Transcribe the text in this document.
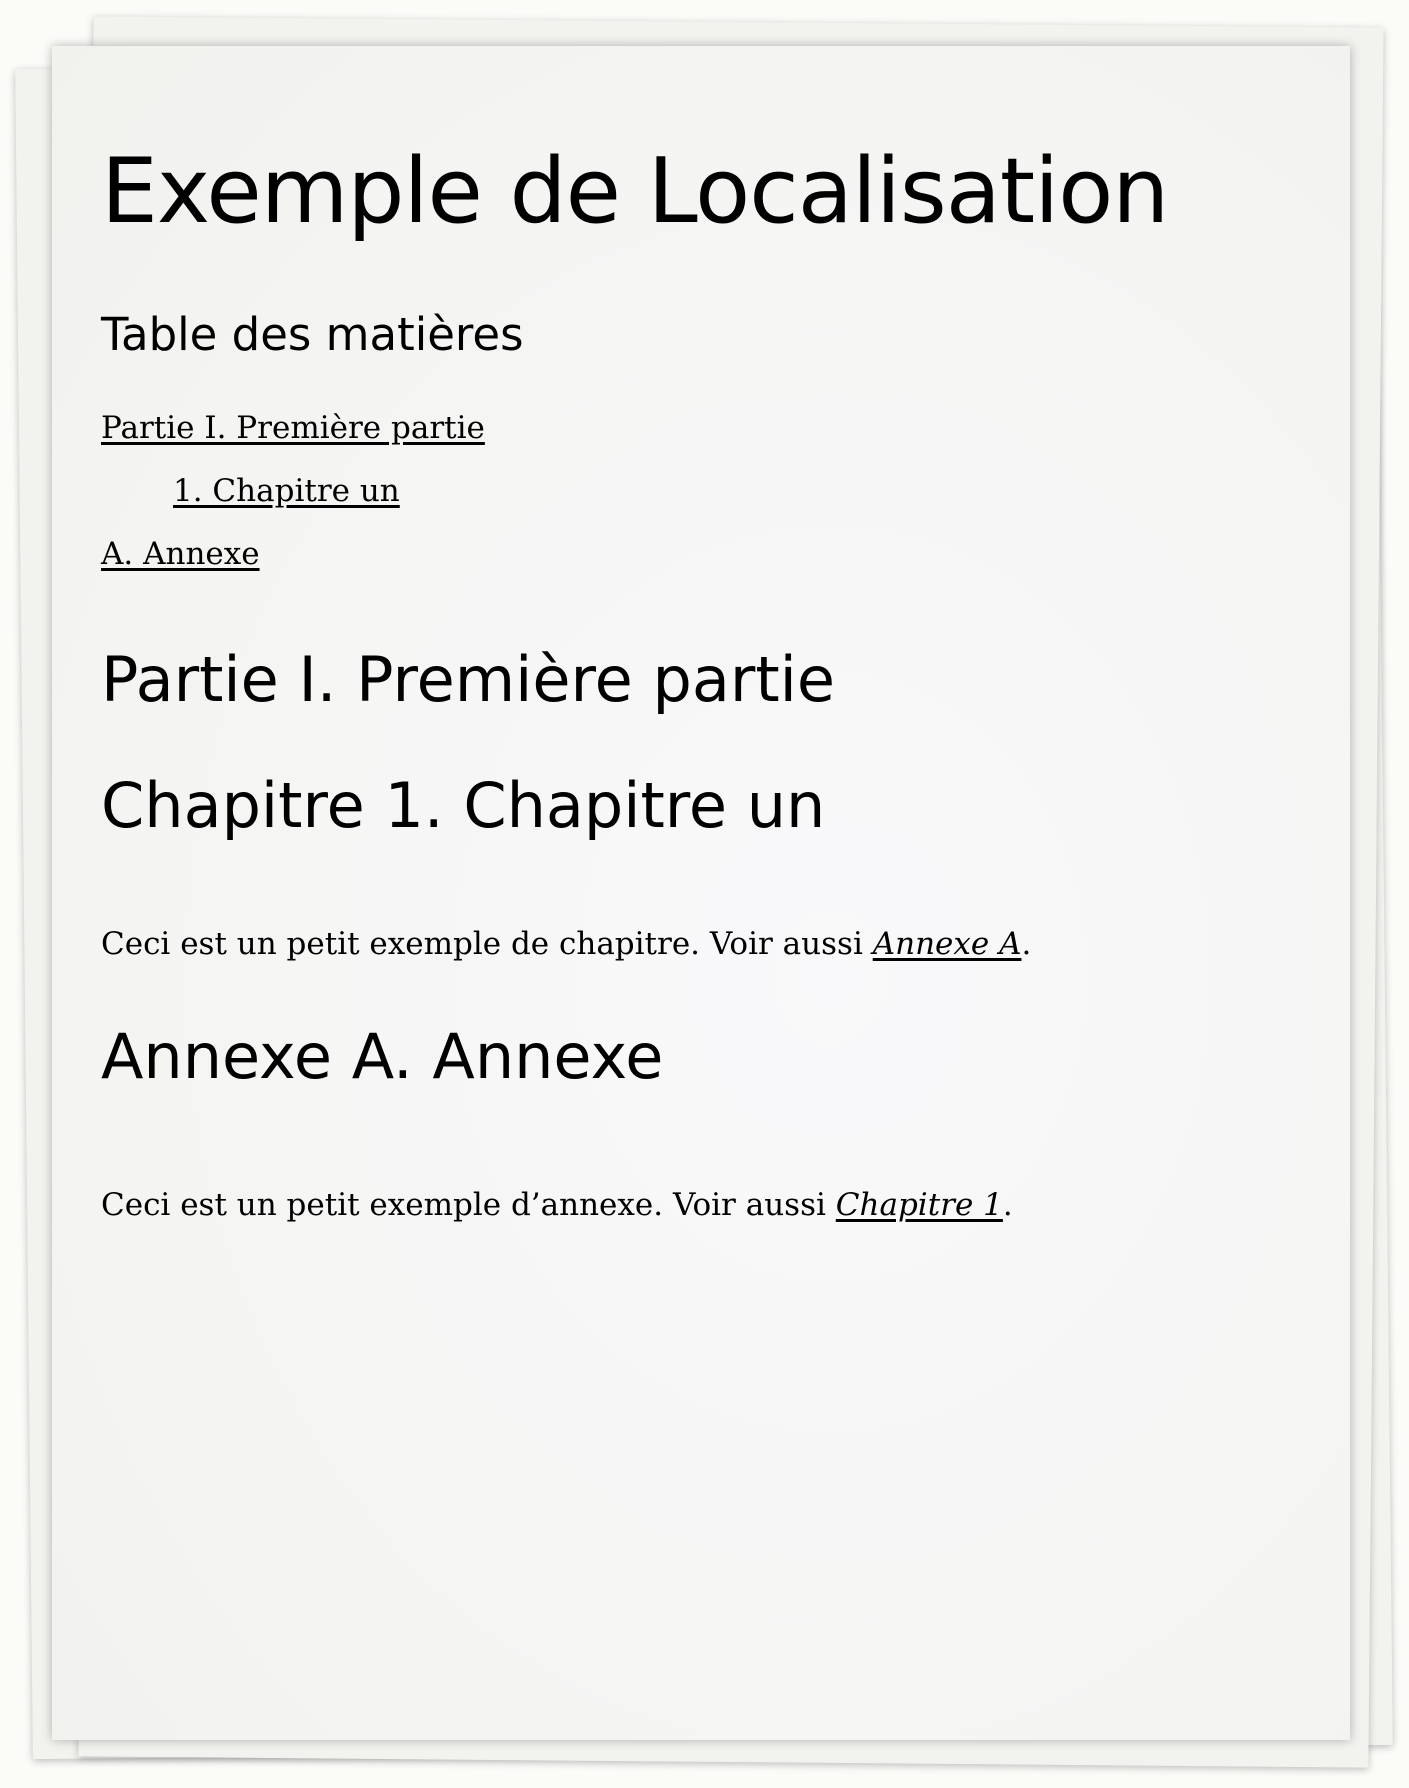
Exemple de Localisation
Table des matières
Partie I. Première partie
1. Chapitre un
A. Annexe
Partie I. Première partie
Chapitre 1. Chapitre un

Ceci est un petit exemple de chapitre. Voir aussi Annexe A.

Annexe A. Annexe

Ceci est un petit exemple d’annexe. Voir aussi Chapitre 1.
